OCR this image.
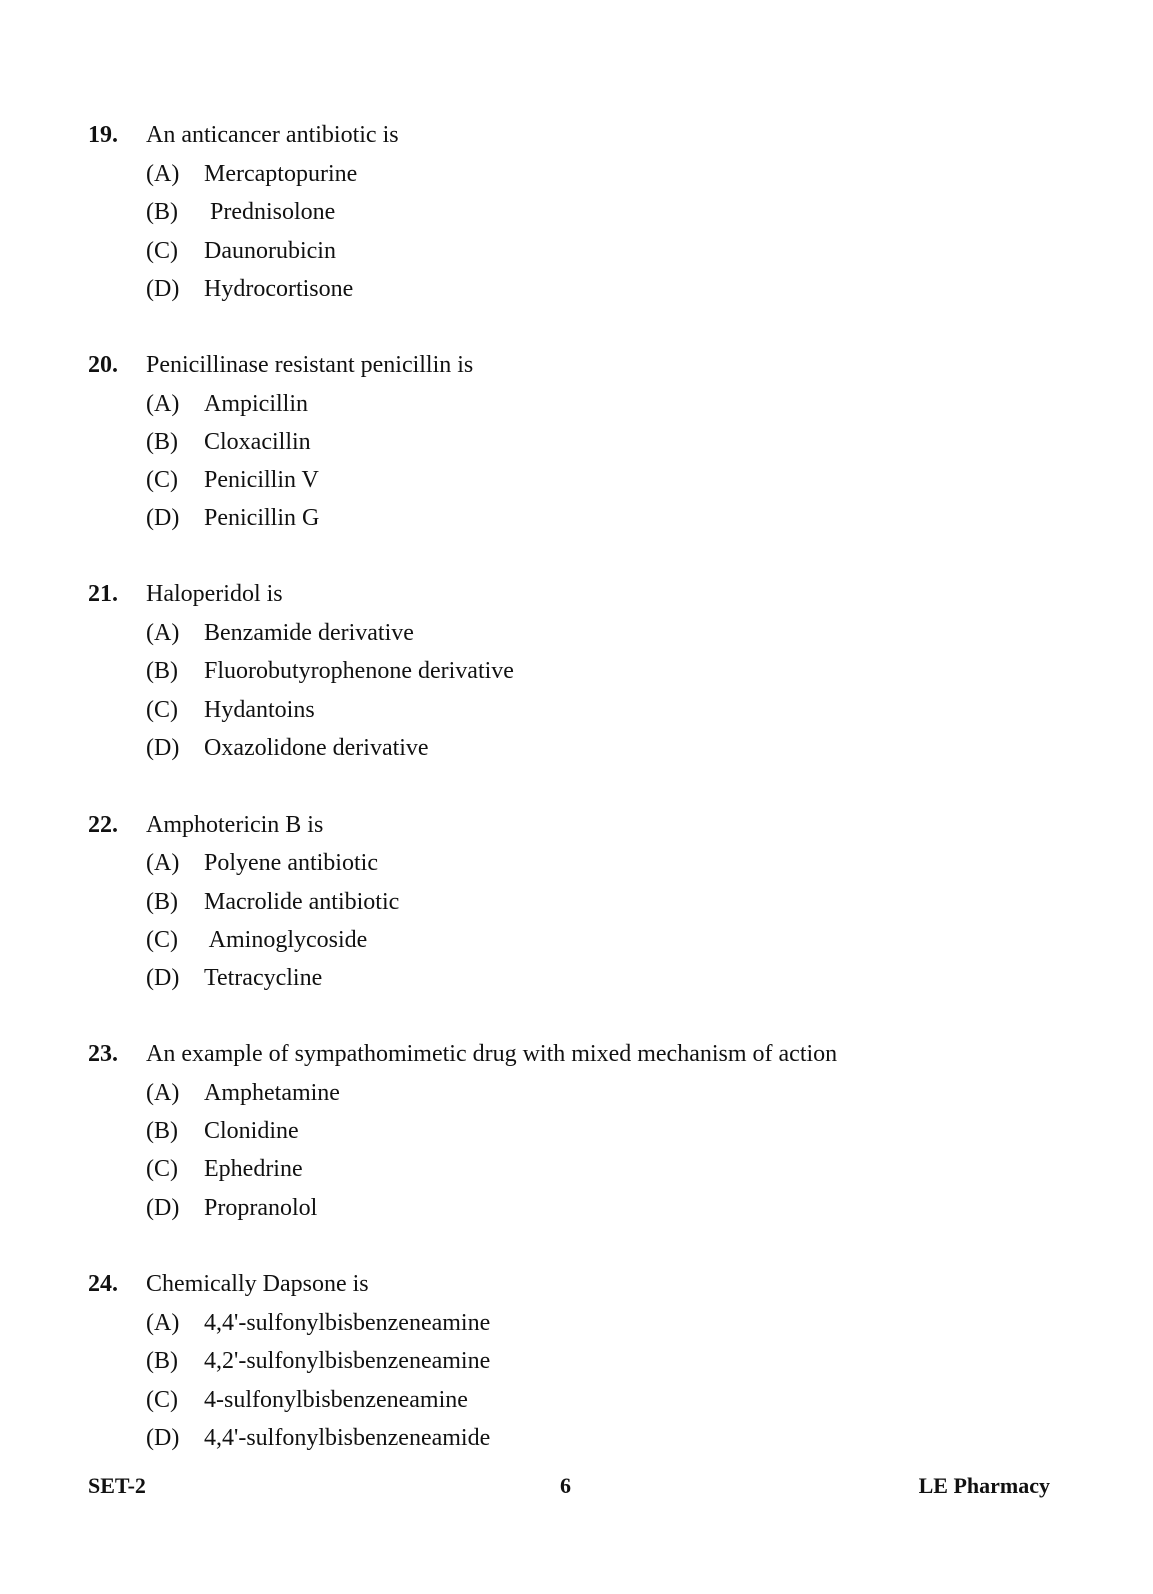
19. An anticancer antibiotic is
(A) Mercaptopurine
(B) Prednisolone
(C) Daunorubicin
(D) Hydrocortisone
20. Penicillinase resistant penicillin is
(A) Ampicillin
(B) Cloxacillin
(C) Penicillin V
(D) Penicillin G
21. Haloperidol is
(A) Benzamide derivative
(B) Fluorobutyrophenone derivative
(C) Hydantoins
(D) Oxazolidone derivative
22. Amphotericin B is
(A) Polyene antibiotic
(B) Macrolide antibiotic
(C) Aminoglycoside
(D) Tetracycline
23. An example of sympathomimetic drug with mixed mechanism of action
(A) Amphetamine
(B) Clonidine
(C) Ephedrine
(D) Propranolol
24. Chemically Dapsone is
(A) 4,4'-sulfonylbisbenzeneamine
(B) 4,2'-sulfonylbisbenzeneamine
(C) 4-sulfonylbisbenzeneamine
(D) 4,4'-sulfonylbisbenzeneamide
SET-2	6	LE Pharmacy
